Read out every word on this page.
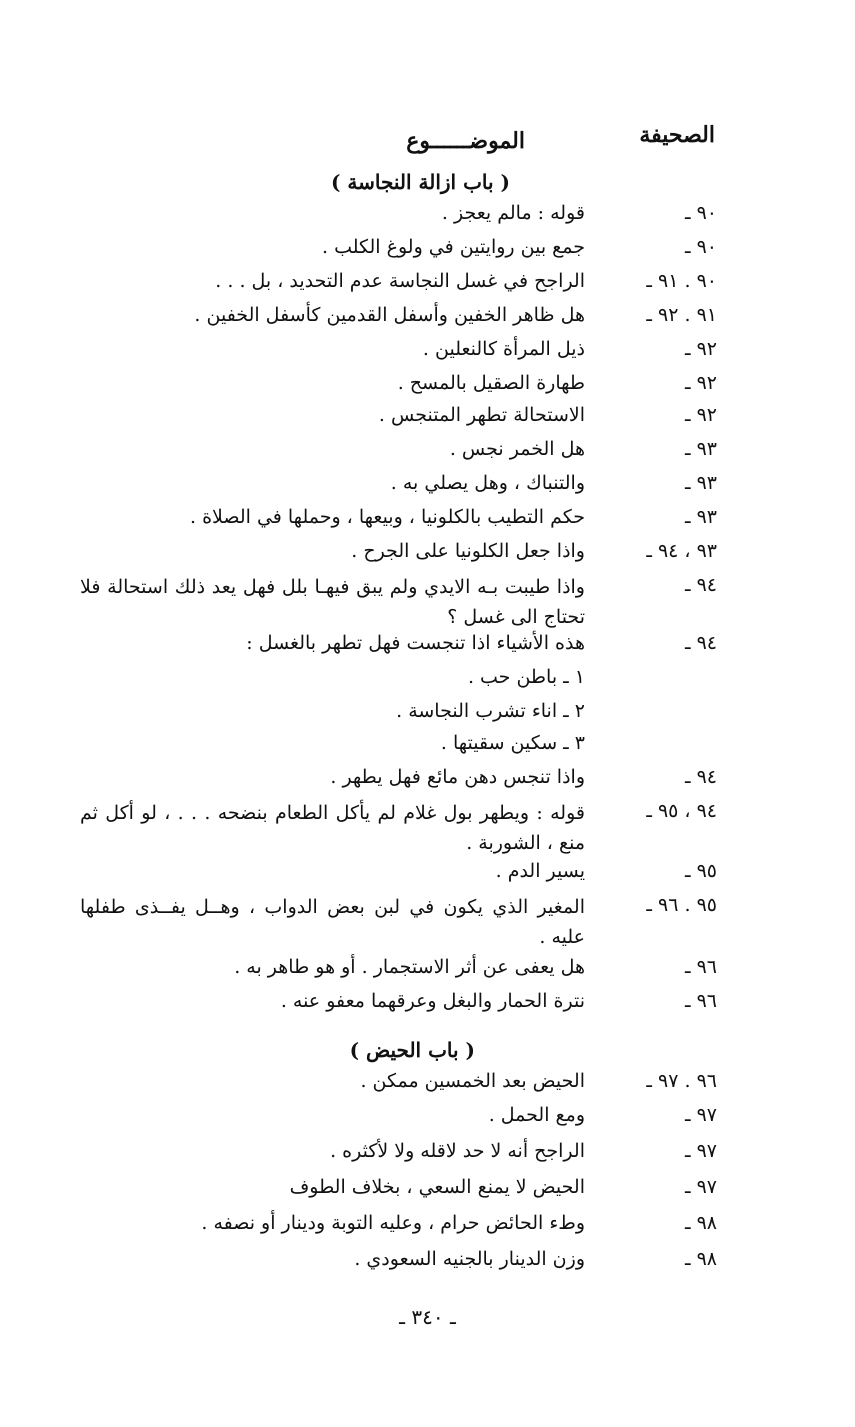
الصحيفة
الموضــــــوع
( باب ازالة النجاسة )
٩٠ ـ
قوله : مالم يعجز .
٩٠ ـ
جمع بين روايتين في ولوغ الكلب .
٩٠ . ٩١ ـ
الراجح في غسل النجاسة عدم التحديد ، بل . . .
٩١ . ٩٢ ـ
هل ظاهر الخفين وأسفل القدمين كأسفل الخفين .
٩٢ ـ
ذيل المرأة كالنعلين .
٩٢ ـ
طهارة الصقيل بالمسح .
٩٢ ـ
الاستحالة تطهر المتنجس .
٩٣ ـ
هل الخمر نجس .
٩٣ ـ
والتنباك ، وهل يصلي به .
٩٣ ـ
حكم التطيب بالكلونيا ، وبيعها ، وحملها في الصلاة .
٩٣ ، ٩٤ ـ
واذا جعل الكلونيا على الجرح .
٩٤ ـ
واذا طيبت بـه الايدي ولم يبق فيهـا بلل فهل يعد ذلك استحالة فلا تحتاج الى غسل ؟
٩٤ ـ
هذه الأشياء اذا تنجست فهل تطهر بالغسل :
١ ـ باطن حب .
٢ ـ اناء تشرب النجاسة .
٣ ـ سكين سقيتها .
٩٤ ـ
واذا تنجس دهن مائع فهل يطهر .
٩٤ ، ٩٥ ـ
قوله : ويطهر بول غلام لم يأكل الطعام بنضحه . . . ، لو أكل ثم منع ، الشوربة .
٩٥ ـ
يسير الدم .
٩٥ . ٩٦ ـ
المغير الذي يكون في لبن بعض الدواب ، وهــل يفــذى طفلها عليه .
٩٦ ـ
هل يعفى عن أثر الاستجمار . أو هو طاهر به .
٩٦ ـ
نترة الحمار والبغل وعرقهما معفو عنه .
( باب الحيض )
٩٦ . ٩٧ ـ
الحيض بعد الخمسين ممكن .
٩٧ ـ
ومع الحمل .
٩٧ ـ
الراجح أنه لا حد لاقله ولا لأكثره .
٩٧ ـ
الحيض لا يمنع السعي ، بخلاف الطوف
٩٨ ـ
وطء الحائض حرام ، وعليه التوبة ودينار أو نصفه .
٩٨ ـ
وزن الدينار بالجنيه السعودي .
ـ ٣٤٠ ـ
